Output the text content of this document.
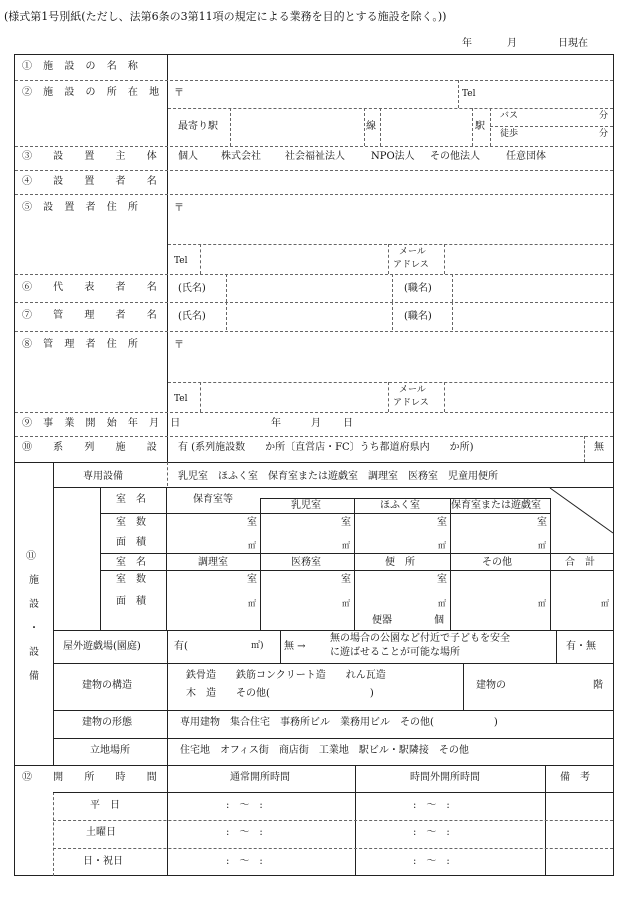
(様式第1号別紙(ただし、法第6条の3第11項の規定による業務を目的とする施設を除く。))
年	月	日現在
① 施 設 の 名 称
② 施 設 の 所 在 地 〒	Tel
最寄り駅	線	駅
バス	分
徒歩	分
③ 設 置 主 体 個人 株式会社 社会福祉法人	NPO法人 その他法人	任意団体
④ 設 置 者 名
⑤ 設 置 者 住 所	〒
Tel
メール
アドレス
⑥ 代 表 者 名 (氏名)	(職名)
⑦ 管 理 者 名 (氏名)	(職名)
⑧ 管 理 者 住 所	〒
Tel
メール
アドレス
⑨ 事 業 開 始 年 月 日	年	月 日
⑩ 系 列 施 設 有 (系列施設数　　か所〔直営店・FC〕うち都道府県内　　か所)	無
⑪
施
設
・
設
備
専用設備	乳児室　ほふく室　保育室または遊戯室　調理室　医務室　児童用便所
室　名	保育室等
乳児室	ほふく室	保育室または遊戯室
室　数	室	室	室	室
面　積	㎡	㎡	㎡	㎡
室　名	調理室	医務室	便　所	その他	合　計
室　数	室	室	室
面　積	㎡	㎡	㎡	㎡	㎡
便器	個
屋外遊戯場(園庭)	有(	㎡) 無 →
無の場合の公園など付近で子どもを安全
に遊ばせることが可能な場所
有・無
建物の構造
鉄骨造　　鉄筋コンクリート造　　れん瓦造
木　造　　その他(　　　　　　　　　　)
建物の	階
建物の形態	専用建物　集合住宅　事務所ビル　業務用ビル　その他(　　　　　　)
立地場所	住宅地　オフィス街　商店街　工業地　駅ビル・駅隣接　その他
⑫ 開 所 時 間	通常開所時間	時間外開所時間	備　考
平　日	:　〜　:	:　〜　:
土曜日	:　〜　:	:　〜　:
日・祝日	:　〜　:	:　〜　:
